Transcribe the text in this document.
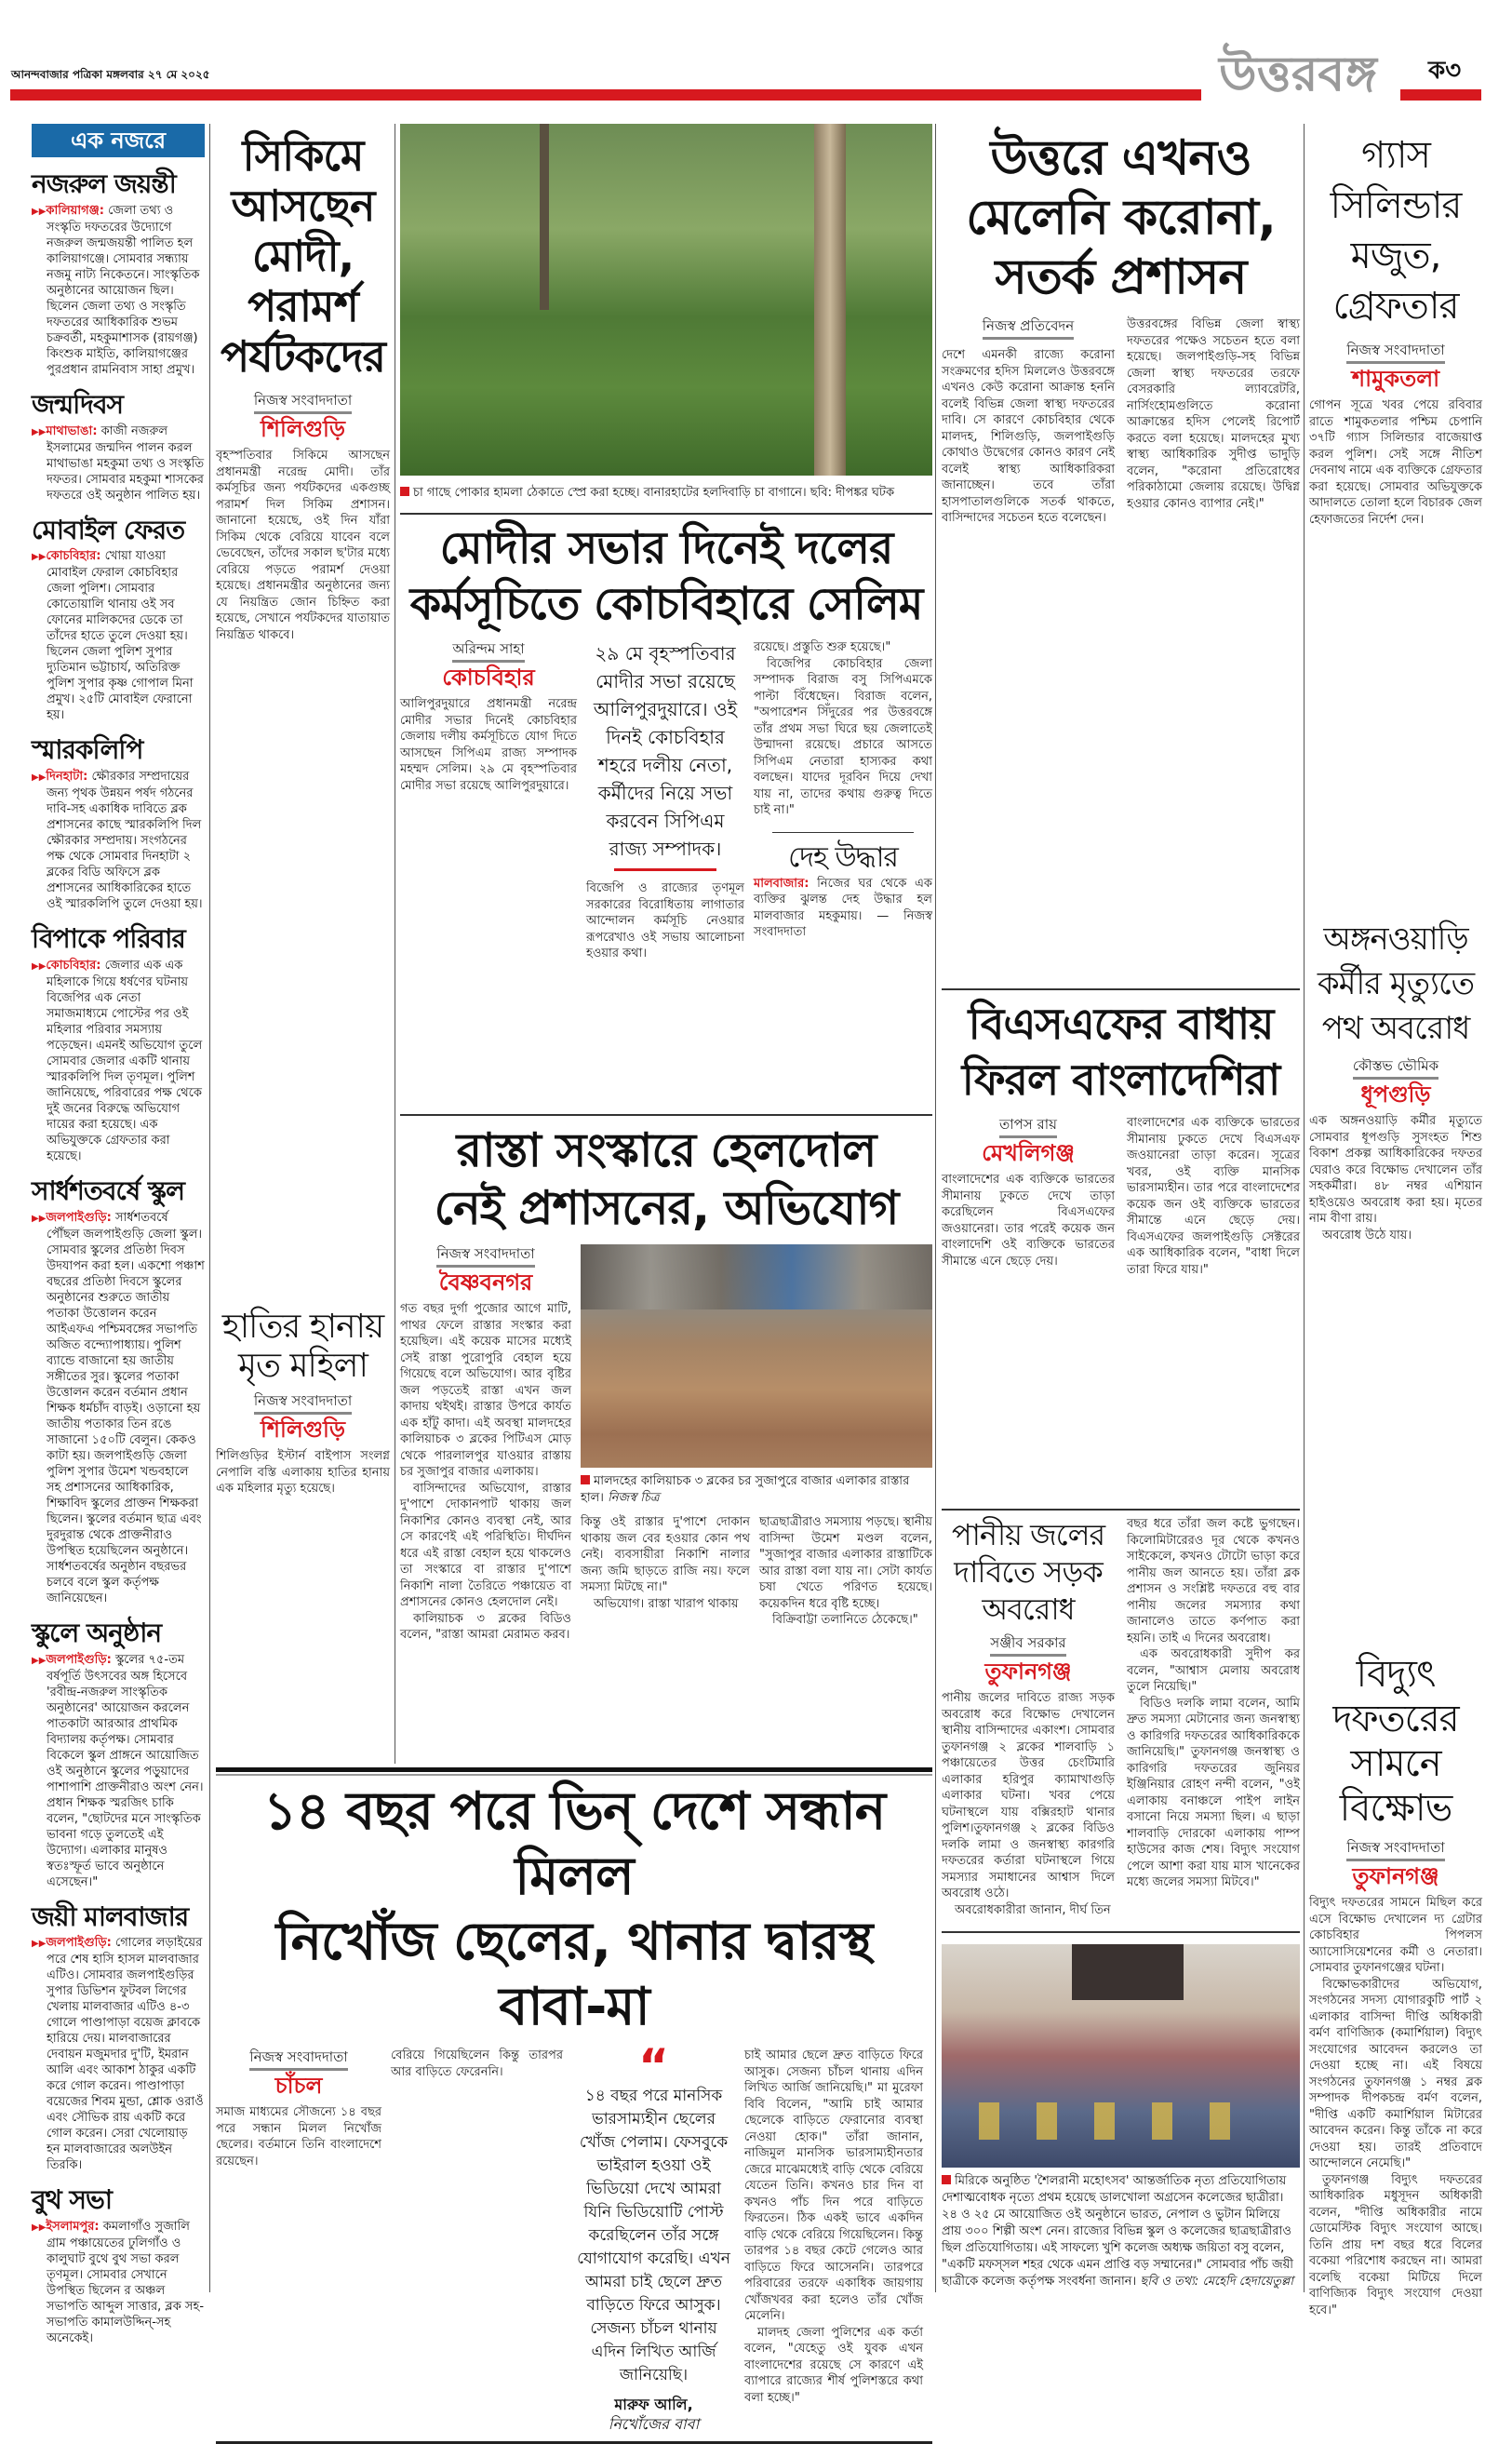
আনন্দবাজার পত্রিকা মঙ্গলবার ২৭ মে ২০২৫	উত্তরবঙ্গ	ক৩
এক নজরে
নজরুল জয়ন্তী
▶▶কালিয়াগঞ্জ: জেলা তথ্য ও সংস্কৃতি দফতরের উদ্যোগে নজরুল জন্মজয়ন্তী পালিত হল কালিয়াগঞ্জে। সোমবার সন্ধ্যায় নজমু নাট্য নিকেতনে। সাংস্কৃতিক অনুষ্ঠানের আয়োজন ছিল। ছিলেন জেলা তথ্য ও সংস্কৃতি দফতরের আধিকারিক শুভম চক্রবর্তী, মহকুমাশাসক (রায়গঞ্জ) কিংশুক মাইতি, কালিয়াগঞ্জের পুরপ্রধান রামনিবাস সাহা প্রমুখ।
জন্মদিবস
▶▶মাথাভাঙা: কাজী নজরুল ইসলামের জন্মদিন পালন করল মাথাভাঙা মহকুমা তথ্য ও সংস্কৃতি দফতর। সোমবার মহকুমা শাসকের দফতরে ওই অনুষ্ঠান পালিত হয়।
মোবাইল ফেরত
▶▶কোচবিহার: খোয়া যাওয়া মোবাইল ফেরাল কোচবিহার জেলা পুলিশ। সোমবার কোতোয়ালি থানায় ওই সব ফোনের মালিকদের ডেকে তা তাঁদের হাতে তুলে দেওয়া হয়। ছিলেন জেলা পুলিশ সুপার দ্যুতিমান ভট্টাচার্য, অতিরিক্ত পুলিশ সুপার কৃষ্ণ গোপাল মিনা প্রমুখ। ২৫টি মোবাইল ফেরানো হয়।
স্মারকলিপি
▶▶দিনহাটা: ক্ষৌরকার সম্প্রদায়ের জন্য পৃথক উন্নয়ন পর্ষদ গঠনের দাবি-সহ একাধিক দাবিতে ব্লক প্রশাসনের কাছে স্মারকলিপি দিল ক্ষৌরকার সম্প্রদায়। সংগঠনের পক্ষ থেকে সোমবার দিনহাটা ২ ব্লকের বিডি অফিসে ব্লক প্রশাসনের আধিকারিকের হাতে ওই স্মারকলিপি তুলে দেওয়া হয়।
বিপাকে পরিবার
▶▶কোচবিহার: জেলার এক এক মহিলাকে গিয়ে ধর্ষণের ঘটনায় বিজেপির এক নেতা সমাজমাধ্যমে পোস্টের পর ওই মহিলার পরিবার সমস্যায় পড়েছেন। এমনই অভিযোগ তুলে সোমবার জেলার একটি থানায় স্মারকলিপি দিল তৃণমূল। পুলিশ জানিয়েছে, পরিবারের পক্ষ থেকে দুই জনের বিরুদ্ধে অভিযোগ দায়ের করা হয়েছে। এক অভিযুক্তকে গ্রেফতার করা হয়েছে।
সার্ধশতবর্ষে স্কুল
▶▶জলপাইগুড়ি: সার্ধশতবর্ষে পৌঁছল জলপাইগুড়ি জেলা স্কুল। সোমবার স্কুলের প্রতিষ্ঠা দিবস উদযাপন করা হল। একশো পঞ্চাশ বছরের প্রতিষ্ঠা দিবসে স্কুলের অনুষ্ঠানের শুরুতে জাতীয় পতাকা উত্তোলন করেন আইএফএ পশ্চিমবঙ্গের সভাপতি অজিত বন্দ্যোপাধ্যায়। পুলিশ ব্যান্ডে বাজানো হয় জাতীয় সঙ্গীতের সুর। স্কুলের পতাকা উত্তোলন করেন বর্তমান প্রধান শিক্ষক ধর্মচাঁদ বাড়ই। ওড়ানো হয় জাতীয় পতাকার তিন রঙে সাজানো ১৫০টি বেলুন। কেকও কাটা হয়। জলপাইগুড়ি জেলা পুলিশ সুপার উমেশ খন্ডবহালে সহ প্রশাসনের আধিকারিক, শিক্ষাবিদ স্কুলের প্রাক্তন শিক্ষকরা ছিলেন। স্কুলের বর্তমান ছাত্র এবং দুরদুরান্ত থেকে প্রাক্তনীরাও উপস্থিত হয়েছিলেন অনুষ্ঠানে। সার্ধশতবর্ষের অনুষ্ঠান বছরভর চলবে বলে স্কুল কর্তৃপক্ষ জানিয়েছেন।
স্কুলে অনুষ্ঠান
▶▶জলপাইগুড়ি: স্কুলের ৭৫-তম বর্ষপূর্তি উৎসবের অঙ্গ হিসেবে 'রবীন্দ্র-নজরুল সাংস্কৃতিক অনুষ্ঠানের' আয়োজন করলেন পাতকাটা আরআর প্রাথমিক বিদ্যালয় কর্তৃপক্ষ। সোমবার বিকেলে স্কুল প্রাঙ্গনে আয়োজিত ওই অনুষ্ঠানে স্কুলের পড়ুয়াদের পাশাপাশি প্রাক্তনীরাও অংশ নেন। প্রধান শিক্ষক স্মরজিৎ চাকি বলেন, "ছোটদের মনে সাংস্কৃতিক ভাবনা গড়ে তুলতেই এই উদ্যোগ। এলাকার মানুষও স্বতঃস্ফূর্ত ভাবে অনুষ্ঠানে এসেছেন।"
জয়ী মালবাজার
▶▶জলপাইগুড়ি: গোলের লড়াইয়ের পরে শেষ হাসি হাসল মালবাজার এটিও। সোমবার জলপাইগুড়ির সুপার ডিভিশন ফুটবল লিগের খেলায় মালবাজার এটিও ৪-৩ গোলে পাণ্ডাপাড়া বয়েজ ক্লাবকে হারিয়ে দেয়। মালবাজারের দেবায়ন মজুমদার দু'টি, ইমরান আলি এবং আকাশ ঠাকুর একটি করে গোল করেন। পাণ্ডাপাড়া বয়েজের শিবম মুন্ডা, শ্লোক ওরাওঁ এবং সৌভিক রায় একটি করে গোল করেন। সেরা খেলোয়াড় হন মালবাজারের অলউইন তিরকি।
বুথ সভা
▶▶ইসলামপুর: কমলাগাঁও সুজালি গ্রাম পঞ্চায়েতের ঢুলিগাঁও ও কালুঘাট বুথে বুথ সভা করল তৃণমূল। সোমবার সেখানে উপস্থিত ছিলেন র অঞ্চল সভাপতি আব্দুল সাত্তার, ব্লক সহ-সভাপতি কামালউদ্দিন্-সহ অনেকেই।
সিকিমে আসছেন মোদী, পরামর্শ পর্যটকদের
নিজস্ব সংবাদদাতা
শিলিগুড়ি

বৃহস্পতিবার সিকিমে আসছেন প্রধানমন্ত্রী নরেন্দ্র মোদী। তাঁর কর্মসূচির জন্য পর্যটকদের একগুচ্ছ পরামর্শ দিল সিকিম প্রশাসন। জানানো হয়েছে, ওই দিন যাঁরা সিকিম থেকে বেরিয়ে যাবেন বলে ভেবেছেন, তাঁদের সকাল ছ'টার মধ্যে বেরিয়ে পড়তে পরামর্শ দেওয়া হয়েছে। প্রধানমন্ত্রীর অনুষ্ঠানের জন্য যে নিয়ন্ত্রিত জোন চিহ্নিত করা হয়েছে, সেখানে পর্যটকদের যাতায়াত নিয়ন্ত্রিত থাকবে।

হাতির হানায় মৃত মহিলা
নিজস্ব সংবাদদাতা
শিলিগুড়ি

শিলিগুড়ির ইস্টার্ন বাইপাস সংলগ্ন নেপালি বস্তি এলাকায় হাতির হানায় এক মহিলার মৃত্যু হয়েছে।

চা গাছে পোকার হামলা ঠেকাতে স্প্রে করা হচ্ছে। বানারহাটের হলদিবাড়ি চা বাগানে। ছবি: দীপঙ্কর ঘটক
মোদীর সভার দিনেই দলের
কর্মসূচিতে কোচবিহারে সেলিম
অরিন্দম সাহা
কোচবিহার

আলিপুরদুয়ারে প্রধানমন্ত্রী নরেন্দ্র মোদীর সভার দিনেই কোচবিহার জেলায় দলীয় কর্মসূচিতে যোগ দিতে আসছেন সিপিএম রাজ্য সম্পাদক মহম্মদ সেলিম। ২৯ মে বৃহস্পতিবার মোদীর সভা রয়েছে আলিপুরদুয়ারে।

২৯ মে বৃহস্পতিবার মোদীর সভা রয়েছে আলিপুরদুয়ারে। ওই দিনই কোচবিহার শহরে দলীয় নেতা, কর্মীদের নিয়ে সভা করবেন সিপিএম রাজ্য সম্পাদক।

বিজেপি ও রাজ্যের তৃণমূল সরকারের বিরোধিতায় লাগাতার আন্দোলন কর্মসূচি নেওয়ার রূপরেখাও ওই সভায় আলোচনা হওয়ার কথা।

রয়েছে। প্রস্তুতি শুরু হয়েছে।"

বিজেপির কোচবিহার জেলা সম্পাদক বিরাজ বসু সিপিএমকে পাল্টা বিঁধেছেন। বিরাজ বলেন, "অপারেশন সিঁদুরের পর উত্তরবঙ্গে তাঁর প্রথম সভা ঘিরে ছয় জেলাতেই উন্মাদনা রয়েছে। প্রচারে আসতে সিপিএম নেতারা হাস্যকর কথা বলছেন। যাদের দূরবিন দিয়ে দেখা যায় না, তাদের কথায় গুরুত্ব দিতে চাই না।"

দেহ উদ্ধার

মালবাজার: নিজের ঘর থেকে এক ব্যক্তির ঝুলন্ত দেহ উদ্ধার হল মালবাজার মহকুমায়। — নিজস্ব সংবাদদাতা

রাস্তা সংস্কারে হেলদোল
নেই প্রশাসনের, অভিযোগ
নিজস্ব সংবাদদাতা
বৈষ্ণবনগর

গত বছর দুর্গা পুজোর আগে মাটি, পাথর ফেলে রাস্তার সংস্কার করা হয়েছিল। এই কয়েক মাসের মধ্যেই সেই রাস্তা পুরোপুরি বেহাল হয়ে গিয়েছে বলে অভিযোগ। আর বৃষ্টির জল পড়তেই রাস্তা এখন জল কাদায় থইথই। রাস্তার উপরে কার্যত এক হাঁটু কাদা। এই অবস্থা মালদহের কালিয়াচক ৩ ব্লকের পিটিএস মোড় থেকে পারলালপুর যাওয়ার রাস্তায় চর সুজাপুর বাজার এলাকায়।

বাসিন্দাদের অভিযোগ, রাস্তার দু'পাশে দোকানপাট থাকায় জল নিকাশির কোনও ব্যবস্থা নেই, আর সে কারণেই এই পরিস্থিতি। দীর্ঘদিন ধরে এই রাস্তা বেহাল হয়ে থাকলেও তা সংস্কারে বা রাস্তার দু'পাশে নিকাশি নালা তৈরিতে পঞ্চায়েত বা প্রশাসনের কোনও হেলদোল নেই।

কালিয়াচক ৩ ব্লকের বিডিও বলেন, "রাস্তা আমরা মেরামত করব।

মালদহের কালিয়াচক ৩ ব্লকের চর সুজাপুরে বাজার এলাকার রাস্তার হাল। নিজস্ব চিত্র

কিন্তু ওই রাস্তার দু'পাশে দোকান থাকায় জল বের হওয়ার কোন পথ নেই। ব্যবসায়ীরা নিকাশি নালার জন্য জমি ছাড়তে রাজি নয়। ফলে সমস্যা মিটছে না।"

অভিযোগ। রাস্তা খারাপ থাকায়

ছাত্রছাত্রীরাও সমস্যায় পড়ছে। স্থানীয় বাসিন্দা উমেশ মণ্ডল বলেন, "সুজাপুর বাজার এলাকার রাস্তাটিকে আর রাস্তা বলা যায় না। সেটা কার্যত চষা খেতে পরিণত হয়েছে। কয়েকদিন ধরে বৃষ্টি হচ্ছে।

বিক্রিবাট্টা তলানিতে ঠেকেছে।"

১৪ বছর পরে ভিন্ দেশে সন্ধান মিলল
নিখোঁজ ছেলের, থানার দ্বারস্থ বাবা-মা
নিজস্ব সংবাদদাতা
চাঁচল

সমাজ মাধ্যমের সৌজন্যে ১৪ বছর পরে সন্ধান মিলল নিখোঁজ ছেলের। বর্তমানে তিনি বাংলাদেশে রয়েছেন।

বেরিয়ে গিয়েছিলেন কিন্তু তারপর আর বাড়িতে ফেরেননি।	“
১৪ বছর পরে মানসিক ভারসাম্যহীন ছেলের খোঁজ পেলাম। ফেসবুকে ভাইরাল হওয়া ওই ভিডিয়ো দেখে আমরা যিনি ভিডিয়োটি পোস্ট করেছিলেন তাঁর সঙ্গে যোগাযোগ করেছি। এখন আমরা চাই ছেলে দ্রুত বাড়িতে ফিরে আসুক। সেজন্য চাঁচল থানায় এদিন লিখিত আর্জি জানিয়েছি।
মারুফ আলি,
নিখোঁজের বাবা

চাই আমার ছেলে দ্রুত বাড়িতে ফিরে আসুক। সেজন্য চাঁচল থানায় এদিন লিখিত আর্জি জানিয়েছি।" মা মুরেফা বিবি বিলেন, "আমি চাই আমার ছেলেকে বাড়িতে ফেরানোর ব্যবস্থা নেওয়া হোক।" তাঁরা জানান, নাজিমুল মানসিক ভারসাম্যহীনতার জেরে মাঝেমধ্যেই বাড়ি থেকে বেরিয়ে যেতেন তিনি। কখনও চার দিন বা কখনও পাঁচ দিন পরে বাড়িতে ফিরতেন। ঠিক একই ভাবে একদিন বাড়ি থেকে বেরিয়ে গিয়েছিলেন। কিন্তু তারপর ১৪ বছর কেটে গেলেও আর বাড়িতে ফিরে আসেননি। তারপরে পরিবারের তরফে একাধিক জায়গায় খোঁজখবর করা হলেও তাঁর খোঁজ মেলেনি।

মালদহ জেলা পুলিশের এক কর্তা বলেন, "যেহেতু ওই যুবক এখন বাংলাদেশের রয়েছে সে কারণে এই ব্যাপারে রাজ্যের শীর্ষ পুলিশস্তরে কথা বলা হচ্ছে।"

উত্তরে এখনও মেলেনি করোনা, সতর্ক প্রশাসন
নিজস্ব প্রতিবেদন

দেশে এমনকী রাজ্যে করোনা সংক্রমণের হদিস মিললেও উত্তরবঙ্গে এখনও কেউ করোনা আক্রান্ত হননি বলেই বিভিন্ন জেলা স্বাস্থ্য দফতরের দাবি। সে কারণে কোচবিহার থেকে মালদহ, শিলিগুড়ি, জলপাইগুড়ি কোথাও উদ্বেগের কোনও কারণ নেই বলেই স্বাস্থ্য আধিকারিকরা জানাচ্ছেন। তবে তাঁরা হাসপাতালগুলিকে সতর্ক থাকতে, বাসিন্দাদের সচেতন হতে বলেছেন।

উত্তরবঙ্গের বিভিন্ন জেলা স্বাস্থ্য দফতরের পক্ষেও সচেতন হতে বলা হয়েছে। জলপাইগুড়ি-সহ বিভিন্ন জেলা স্বাস্থ্য দফতরের তরফে বেসরকারি ল্যাবরেটরি, নার্সিংহোমগুলিতে করোনা আক্রান্তের হদিস পেলেই রিপোর্ট করতে বলা হয়েছে। মালদহের মুখ্য স্বাস্থ্য আধিকারিক সুদীপ্ত ভাদুড়ি বলেন, "করোনা প্রতিরোধের পরিকাঠামো জেলায় রয়েছে। উদ্বিগ্ন হওয়ার কোনও ব্যাপার নেই।"

বিএসএফের বাধায়
ফিরল বাংলাদেশিরা
তাপস রায়
মেখলিগঞ্জ

বাংলাদেশের এক ব্যক্তিকে ভারতের সীমানায় ঢুকতে দেখে তাড়া করেছিলেন বিএসএফের জওয়ানেরা। তার পরেই কয়েক জন বাংলাদেশি ওই ব্যক্তিকে ভারতের সীমান্তে এনে ছেড়ে দেয়।

বাংলাদেশের এক ব্যক্তিকে ভারতের সীমানায় ঢুকতে দেখে বিএসএফ জওয়ানেরা তাড়া করেন। সূত্রের খবর, ওই ব্যক্তি মানসিক ভারসাম্যহীন। তার পরে বাংলাদেশের কয়েক জন ওই ব্যক্তিকে ভারতের সীমান্তে এনে ছেড়ে দেয়। বিএসএফের জলপাইগুড়ি সেক্টরের এক আধিকারিক বলেন, "বাধা দিলে তারা ফিরে যায়।"

পানীয় জলের দাবিতে সড়ক অবরোধ
সঞ্জীব সরকার
তুফানগঞ্জ

পানীয় জলের দাবিতে রাজ্য সড়ক অবরোধ করে বিক্ষোভ দেখালেন স্থানীয় বাসিন্দাদের একাংশ। সোমবার তুফানগঞ্জ ২ ব্লকের শালবাড়ি ১ পঞ্চায়েতের উত্তর চেংটিমারি এলাকার হরিপুর ক্যামাখাগুড়ি এলাকার ঘটনা। খবর পেয়ে ঘটনাস্থলে যায় বক্সিরহাট থানার পুলিশ।তুফানগঞ্জ ২ ব্লকের বিডিও দলকি লামা ও জনস্বাস্থ্য কারগরি দফতরের কর্তারা ঘটনাস্থলে গিয়ে সমস্যার সমাধানের আশ্বাস দিলে অবরোধ ওঠে।

অবরোধকারীরা জানান, দীর্ঘ তিন

বছর ধরে তাঁরা জল কষ্টে ভুগছেন। কিলোমিটারেরও দূর থেকে কখনও সাইকেলে, কখনও টোটো ভাড়া করে পানীয় জল আনতে হয়। তাঁরা ব্লক প্রশাসন ও সংশ্লিষ্ট দফতরে বহু বার পানীয় জলের সমস্যার কথা জানালেও তাতে কর্ণপাত করা হয়নি। তাই এ দিনের অবরোধ।

এক অবরোধকারী সুদীপ কর বলেন, "আশ্বাস মেলায় অবরোধ তুলে নিয়েছি।"

বিডিও দলকি লামা বলেন, আমি দ্রুত সমস্যা মেটানোর জন্য জনস্বাস্থ্য ও কারিগরি দফতরের আধিকারিককে জানিয়েছি।" তুফানগঞ্জ জনস্বাস্থ্য ও কারিগরি দফতরের জুনিয়র ইঞ্জিনিয়ার রোহণ নন্দী বলেন, "ওই এলাকায় বনাঞ্চলে পাইপ লাইন বসানো নিয়ে সমস্যা ছিল। এ ছাড়া শালবাড়ি দোরকো এলাকায় পাম্প হাউসের কাজ শেষ। বিদ্যুৎ সংযোগ পেলে আশা করা যায় মাস খানেকের মধ্যে জলের সমস্যা মিটবে।"

মিরিকে অনুষ্ঠিত 'শৈলরানী মহোৎসব' আন্তর্জাতিক নৃত্য প্রতিযোগিতায় দেশাত্মবোধক নৃত্যে প্রথম হয়েছে ডালখোলা অগ্রসেন কলেজের ছাত্রীরা। ২৪ ও ২৫ মে আয়োজিত ওই অনুষ্ঠানে ভারত, নেপাল ও ভুটান মিলিয়ে প্রায় ৩০০ শিল্পী অংশ নেন। রাজ্যের বিভিন্ন স্কুল ও কলেজের ছাত্রছাত্রীরাও ছিল প্রতিযোগিতায়। এই সাফল্যে খুশি কলেজ অধ্যক্ষ জয়িতা বসু বলেন, "একটি মফস্‌সল শহর থেকে এমন প্রাপ্তি বড় সম্মানের।" সোমবার পাঁচ জয়ী ছাত্রীকে কলেজ কর্তৃপক্ষ সংবর্ধনা জানান। ছবি ও তথ্য: মেহেদি হেদায়েতুল্লা
গ্যাস সিলিন্ডার মজুত, গ্রেফতার
নিজস্ব সংবাদদাতা
শামুকতলা

গোপন সূত্রে খবর পেয়ে রবিবার রাতে শামুকতলার পশ্চিম চেপানি ৩৭টি গ্যাস সিলিন্ডার বাজেয়াপ্ত করল পুলিশ। সেই সঙ্গে নীতিশ দেবনাথ নামে এক ব্যক্তিকে গ্রেফতার করা হয়েছে। সোমবার অভিযুক্তকে আদালতে তোলা হলে বিচারক জেল হেফাজতের নির্দেশ দেন।

অঙ্গনওয়াড়ি কর্মীর মৃত্যুতে পথ অবরোধ
কৌস্তভ ভৌমিক
ধূপগুড়ি

এক অঙ্গনওয়াড়ি কর্মীর মৃত্যুতে সোমবার ধূপগুড়ি সুসংহত শিশু বিকাশ প্রকল্প আধিকারিকের দফতর ঘেরাও করে বিক্ষোভ দেখালেন তাঁর সহকর্মীরা। ৪৮ নম্বর এশিয়ান হাইওয়েও অবরোধ করা হয়। মৃতের নাম বীণা রায়।

অবরোধ উঠে যায়।

বিদ্যুৎ দফতরের সামনে বিক্ষোভ
নিজস্ব সংবাদদাতা
তুফানগঞ্জ

বিদ্যুৎ দফতরের সামনে মিছিল করে এসে বিক্ষোভ দেখালেন দ্য গ্রেটার কোচবিহার পিপলস অ্যাসোসিয়েশনের কর্মী ও নেতারা। সোমবার তুফানগঞ্জের ঘটনা।

বিক্ষোভকারীদের অভিযোগ, সংগঠনের সদস্য যোগারকুটি পার্ট ২ এলাকার বাসিন্দা দীপ্তি অধিকারী বর্মণ বাণিজ্যিক (কমার্শিয়াল) বিদ্যুৎ সংযোগের আবেদন করলেও তা দেওয়া হচ্ছে না। এই বিষয়ে সংগঠনের তুফানগঞ্জ ১ নম্বর ব্লক সম্পাদক দীপকচন্দ্র বর্মণ বলেন, "দীপ্তি একটি কমার্শিয়াল মিটারের আবেদন করেন। কিন্তু তাঁকে না করে দেওয়া হয়। তারই প্রতিবাদে আন্দোলনে নেমেছি।"

তুফানগঞ্জ বিদ্যুৎ দফতরের আধিকারিক মধুসূদন অধিকারী বলেন, "দীপ্তি অধিকারীর নামে ডোমেস্টিক বিদ্যুৎ সংযোগ আছে। তিনি প্রায় দশ বছর ধরে বিলের বকেয়া পরিশোধ করছেন না। আমরা বলেছি বকেয়া মিটিয়ে দিলে বাণিজ্যিক বিদ্যুৎ সংযোগ দেওয়া হবে।"
